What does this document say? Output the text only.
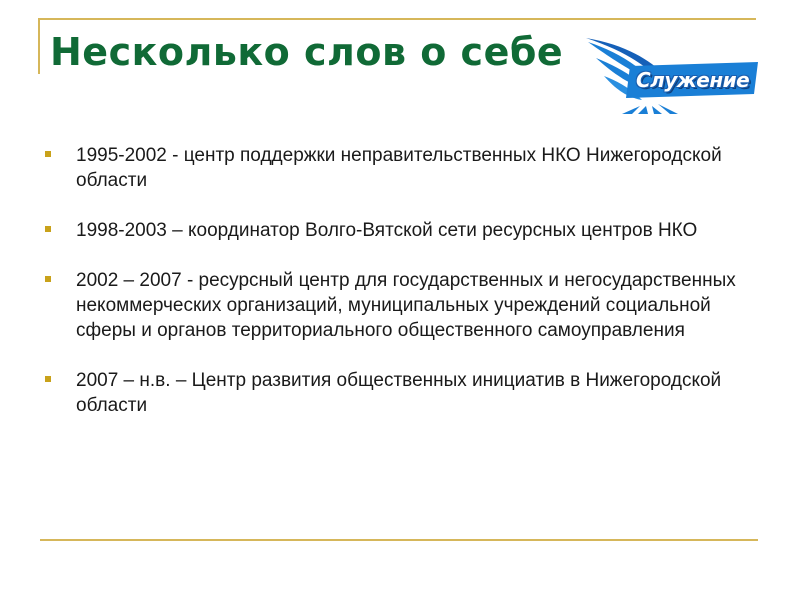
Несколько слов о себе
Служение
1995-2002 - центр поддержки неправительственных НКО Нижегородской области
1998-2003 – координатор Волго-Вятской сети ресурсных центров НКО
2002 – 2007 - ресурсный центр для государственных и негосударственных некоммерческих организаций, муниципальных учреждений социальной сферы и органов территориального общественного самоуправления
2007 – н.в. – Центр развития общественных инициатив в Нижегородской области
